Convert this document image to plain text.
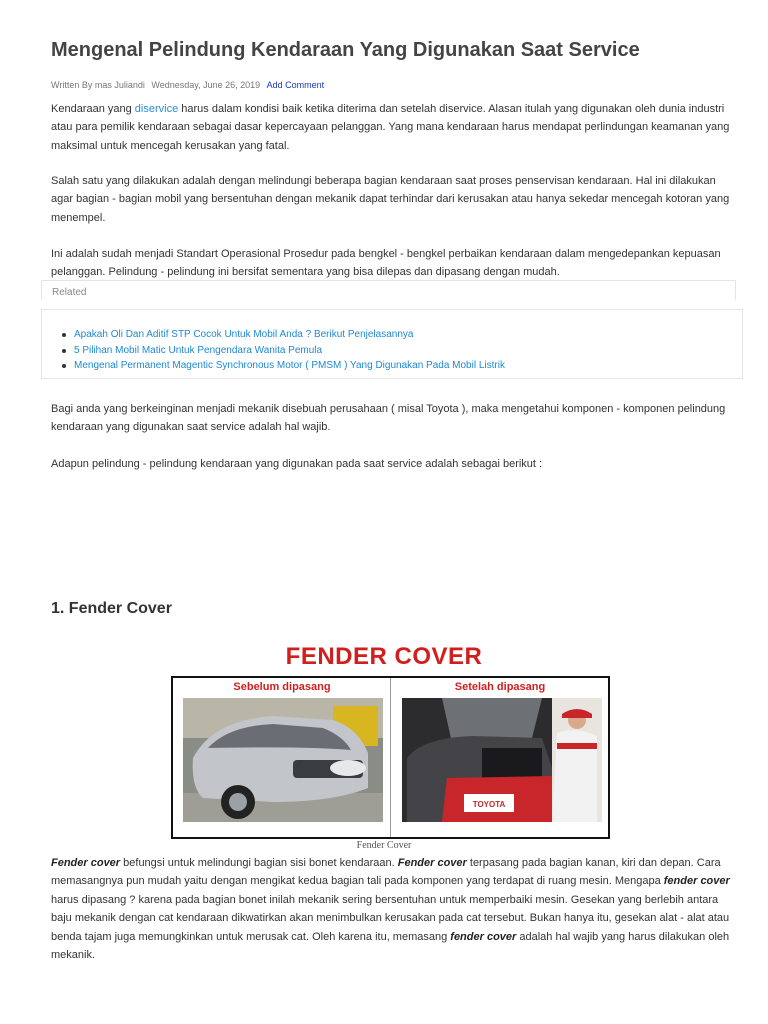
Mengenal Pelindung Kendaraan Yang Digunakan Saat Service
Written By mas Juliandi Wednesday, June 26, 2019 Add Comment

Kendaraan yang diservice harus dalam kondisi baik ketika diterima dan setelah diservice. Alasan itulah yang digunakan oleh dunia industri atau para pemilik kendaraan sebagai dasar kepercayaan pelanggan. Yang mana kendaraan harus mendapat perlindungan keamanan yang maksimal untuk mencegah kerusakan yang fatal.

Salah satu yang dilakukan adalah dengan melindungi beberapa bagian kendaraan saat proses penservisan kendaraan. Hal ini dilakukan agar bagian - bagian mobil yang bersentuhan dengan mekanik dapat terhindar dari kerusakan atau hanya sekedar mencegah kotoran yang menempel.

Ini adalah sudah menjadi Standart Operasional Prosedur pada bengkel - bengkel perbaikan kendaraan dalam mengedepankan kepuasan pelanggan. Pelindung - pelindung ini bersifat sementara yang bisa dilepas dan dipasang dengan mudah.

Related
Apakah Oli Dan Aditif STP Cocok Untuk Mobil Anda ? Berikut Penjelasannya
5 Pilihan Mobil Matic Untuk Pengendara Wanita Pemula
Mengenal Permanent Magentic Synchronous Motor ( PMSM ) Yang Digunakan Pada Mobil Listrik

Bagi anda yang berkeinginan menjadi mekanik disebuah perusahaan ( misal Toyota ), maka mengetahui komponen - komponen pelindung kendaraan yang digunakan saat service adalah hal wajib.

Adapun pelindung - pelindung kendaraan yang digunakan pada saat service adalah sebagai berikut :

1. Fender Cover
FENDER COVER
Sebelum dipasang	Setelah dipasang
TOYOTA
Fender Cover

Fender cover befungsi untuk melindungi bagian sisi bonet kendaraan. Fender cover terpasang pada bagian kanan, kiri dan depan. Cara memasangnya pun mudah yaitu dengan mengikat kedua bagian tali pada komponen yang terdapat di ruang mesin. Mengapa fender cover harus dipasang ? karena pada bagian bonet inilah mekanik sering bersentuhan untuk memperbaiki mesin. Gesekan yang berlebih antara baju mekanik dengan cat kendaraan dikwatirkan akan menimbulkan kerusakan pada cat tersebut. Bukan hanya itu, gesekan alat - alat atau benda tajam juga memungkinkan untuk merusak cat. Oleh karena itu, memasang fender cover adalah hal wajib yang harus dilakukan oleh mekanik.
